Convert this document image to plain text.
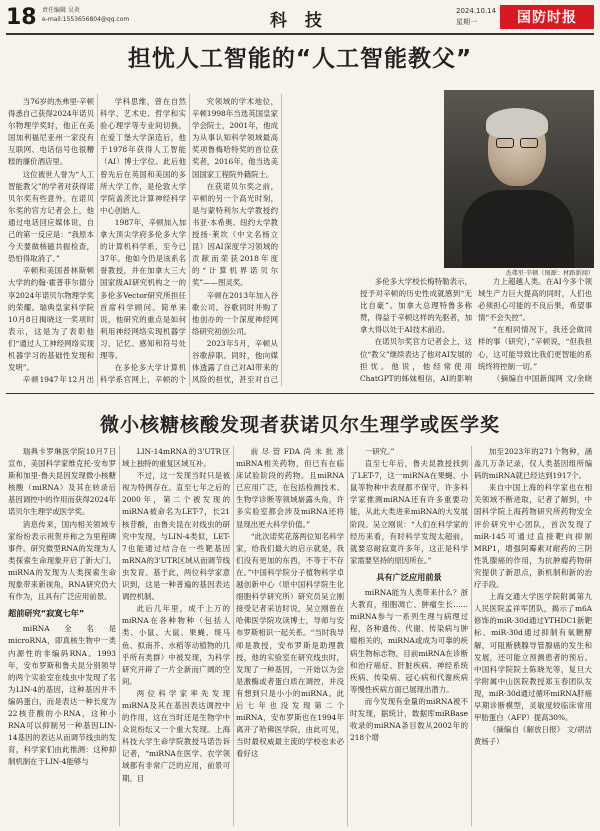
18 责任编辑 吴炎
e-mail:1553656804@qq.com	科 技	2024.10.14
星期一	国防时报
担忧人工智能的“人工智能教父”

当76岁的杰弗里·辛顿得悉自己获得2024年诺贝尔物理学奖时，他正在美国加利福尼亚州一家没有互联网、电话信号也很糟糕的廉价酒店里。

这位被世人誉为“人工智能教父”的学者对获得诺贝尔奖有些意外。在诺贝尔奖的官方记者会上，他通过电话回应媒体说，自己的第一反应是：“我原本今天要做核磁共振检查，恐怕得取消了。”

辛顿和美国普林斯顿大学的约翰·霍普菲尔德分享2024年诺贝尔物理学奖的荣耀。瑞典皇家科学院10月8日揭晓这一奖项时表示，这是为了表彰他们“通过人工神经网络实现机器学习的基础性发现和发明”。

辛顿1947年12月出

学科思维，曾在自然科学、艺术史、哲学和实验心理学等专业间切换，在爱丁堡大学深造后，他于1978年获得人工智能（AI）博士学位。此后他曾先后在英国和美国的多所大学工作，是伦敦大学学院盖茨比计算神经科学中心创始人。

1987年，辛顿加入加拿大顶尖学府多伦多大学的计算机科学系，至今已37年。他如今仍是该系名誉教授，并在加拿大三大国家级AI研究机构之一的多伦多Vector研究所担任首席科学顾问。简单来说，他研究的重点是如何利用神经网络实现机器学习、记忆、感知和符号处理等。

在多伦多大学计算机科学系官网上，辛顿的个

究领域的学术地位，辛顿1998年当选英国皇家学会院士，2001年，他成为从事认知科学领域最高奖项鲁梅哈特奖的首位获奖者，2016年，他当选美国国家工程院外籍院士。

在获诺贝尔奖之前，辛顿的另一个高光时刻，是与蒙特利尔大学教授约书亚·本希奥、纽约大学教授扬·莱坎（中文名杨立昆）因AI深度学习领域的贡献而荣获2018年度的“计算机界诺贝尔奖”——图灵奖。

辛顿在2013年加入谷歌公司。谷歌同时并购了他创办的一个深度神经网络研究初创公司。

2023年5月，辛顿从谷歌辞职。同时，他向媒体透露了自己对AI带来的风险的担忧，甚至对自己

杰弗里·辛顿（图源：材路新闻）

多伦多大学校长梅特勒表示，授予对辛顿的历史性成就感到“无比自豪”。加拿大总理特鲁多称赞，得益于辛顿这样的先驱者，加拿大得以处于AI技术前沿。

在诺贝尔奖官方记者会上，这位“教父”继续表达了他对AI发展的担忧。他说，他经常使用ChatGPT的姊妹相信，AI的影响

力上超越人类。在AI今多个领域生产力巨大提高的同时，人们也必须担心可能的不良后果，希望事情“不会失控”。

“在相同情况下，我还会做同样的事（研究），”辛顿说，“但我担心，这可能导致比我们更智能的系统终将控制一切。”

（摘编自中国新闻网 文/余晓

微小核糖核酸发现者获诺贝尔生理学或医学奖

瑞典卡罗琳医学院10月7日宣布，美国科学家维克托·安布罗斯和加里·鲁夫昆因发现微小核糖核酸（miRNA）及其在转录后基因调控中的作用而获得2024年诺贝尔生理学或医学奖。

消息传来，国内相关领域专家纷纷表示祝贺并称之为里程碑事件。研究微型RNA的发现为人类探索生命现象开启了新大门。miRNA的发现为人类探索生命现象带来新视角，RNA研究仍大有作为，且具有广泛应用前景。

超前研究“寂寞七年”

miRNA全名是microRNA，即真核生物中一类内源性的非编码RNA。1993年，安布罗斯和鲁夫昆分别领导的两个实验室在线虫中发现了名为LIN-4的基因，这种基因并不编码蛋白，而是表达一种长度为22核苷酸的小RNA，这种小RNA可以抑制另一种基因LIN-14基因的表达从而调节线虫的发育，科学家们由此推测：这种抑制机制在于LIN-4能够与

LIN-14mRNA的3'UTR区域上独特的重复区域互补。

不过，这一发现当时只是被视为特例存在。直至七年之后的2000年，第二个被发现的miRNA被命名为LET-7，长21核苷酸，由鲁夫昆在对线虫的研究中发现，与LIN-4类似，LET-7也能通过结合在一些靶基因mRNA的3'UTR区域从而调节线虫发育。基于此，两位科学家意识到，这是一种普遍的基因表达调控机制。

此后几年里，成千上万的miRNA在各种物种（包括人类、小鼠、大鼠、果蝇、斑马鱼、拟南芥、水稻等动植物的几乎所有类群）中被发现，为科学研究开辟了一片全新而广阔的空间。

两位科学家率先发现miRNA及其在基因表达调控中的作用，这在当时还是生物学中众说纷纭又一个重大发现。上海科技大学生命学院教授马诺告诉记者，“miRNA在医学、农学领域都有非常广泛的应用，前景可期。目

前尽管FDA尚未批准miRNA相关药物，但已有在临床试验阶段的药物。且miRNA已应用广泛，在包括检测技术、生物学诊断等领域崭露头角，许多实验室都会涉及miRNA还将显现出更大科学价值。”

“此次诺奖花落两位知名科学家，给我们最大的启示就是，我们没有更加的东西，不等于不存在。”中国科学院分子植物科学卓越创新中心（原中国科学院生化细胞科学研究所）研究员吴立刚接受记者采访时说，吴立刚曾在哈佛医学院攻读博士，导师与安布罗斯相识一起关系。“当时我导师是教授，安布罗斯是助理教授，他的实验室在研究线虫时，发现了一种基因，一开始以为会是激酶或者蛋白质在调控，并没有想到只是小小的miRNA。此后七年也没发现第二个miRNA，安布罗斯也在1994年离开了哈佛医学院，由此可见，当时最权威最主流的学校也未必看好这

一研究。”

直至七年后，鲁夫昆教授找到了LET-7，这一miRNA在果蝇、小鼠等物种中表现都不保守，许多科学家推测miRNA还有许多重要功能，从此大类进来miRNA的大发展阶段。吴立刚说：“人们在科学家的经历来看，有时科学发现太超前，就要忍耐寂寞许多年，这正是科学家需要坚持的原因所在。”

具有广泛应用前景

miRNA能为人类带来什么？浙大教育，细胞凋亡、肿瘤生长……miRNA参与一系列生理与病理过程，各种遗传、代谢、传染病与肿瘤相关的，miRNA或成为可靠的疾病生物标志物，目前miRNA在诊断和治疗癌症、肝脏疾病、神经系统疾病、传染病、冠心病和代谢疾病等慢性疾病方面已展现出潜力。

而今发现有金量的miRNA被不时发现，据统计，数据库miRBase收录的miRNA条目数从2002年的218个增

加至2023年的271个物种，涵盖几万条记录，仅人类基因组所编码的miRNA就已经达到1917个。

来自中国上海的科学家也在相关领域不断进取，记者了解到，中国科学院上海药物研究所药物安全评价研究中心团队，首次发现了miR-145可通过直接靶向抑制MRP1，增强阿霉素对耐药的三阴性乳腺癌的作用，为抗肿瘤药物研究提供了新思点，新机制和新的治疗手段。

上海交通大学医学院附属第九人民医院孟祥军团队，揭示了m6A修饰的miR-30d通过YTHDC1新靶标、miR-30d通过抑制有氧糖酵解，可阻断胰腺导管腺癌的发生和发展，还可能立预测患者的预后。中国科学院院士陈晓光等，复旦大学附属中山医院教授郑玉春团队发现，miR-30d通过循环miRNA肝癌早期诊断模型，灵敏度较临床常用甲胎蛋白（AFP）提高30%。

（摘编自《解放日报》 文/胡洁 黄杨子）
